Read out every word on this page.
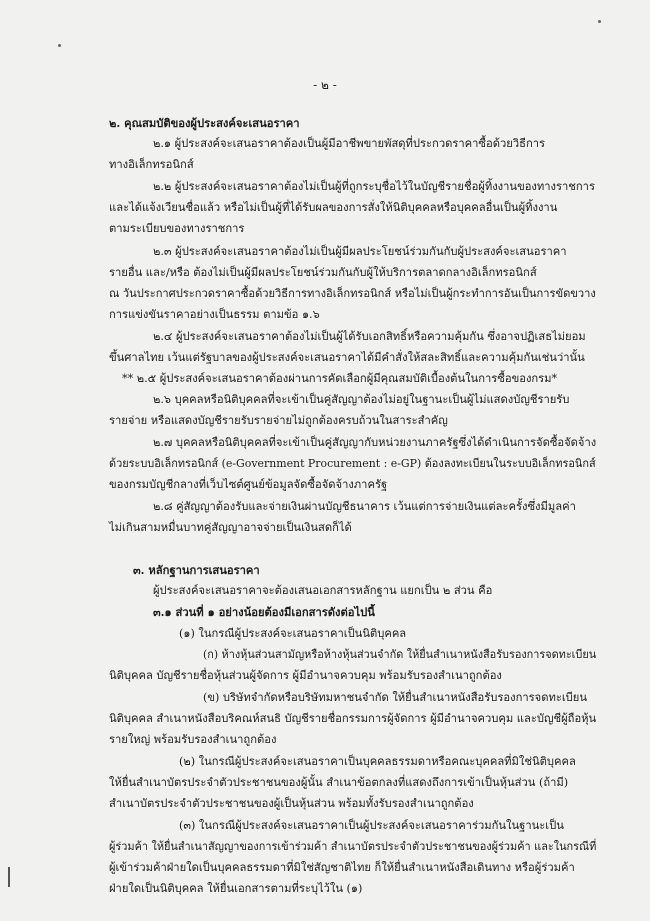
- ๒ -
๒. คุณสมบัติของผู้ประสงค์จะเสนอราคา
๒.๑ ผู้ประสงค์จะเสนอราคาต้องเป็นผู้มีอาชีพขายพัสดุที่ประกวดราคาซื้อด้วยวิธีการ
ทางอิเล็กทรอนิกส์
๒.๒ ผู้ประสงค์จะเสนอราคาต้องไม่เป็นผู้ที่ถูกระบุชื่อไว้ในบัญชีรายชื่อผู้ทิ้งงานของทางราชการ
และได้แจ้งเวียนชื่อแล้ว หรือไม่เป็นผู้ที่ได้รับผลของการสั่งให้นิติบุคคลหรือบุคคลอื่นเป็นผู้ทิ้งงาน
ตามระเบียบของทางราชการ
๒.๓ ผู้ประสงค์จะเสนอราคาต้องไม่เป็นผู้มีผลประโยชน์ร่วมกันกับผู้ประสงค์จะเสนอราคา
รายอื่น และ/หรือ ต้องไม่เป็นผู้มีผลประโยชน์ร่วมกันกับผู้ให้บริการตลาดกลางอิเล็กทรอนิกส์
ณ วันประกาศประกวดราคาซื้อด้วยวิธีการทางอิเล็กทรอนิกส์ หรือไม่เป็นผู้กระทำการอันเป็นการขัดขวาง
การแข่งขันราคาอย่างเป็นธรรม ตามข้อ ๑.๖
๒.๔ ผู้ประสงค์จะเสนอราคาต้องไม่เป็นผู้ได้รับเอกสิทธิ์หรือความคุ้มกัน ซึ่งอาจปฏิเสธไม่ยอม
ขึ้นศาลไทย เว้นแต่รัฐบาลของผู้ประสงค์จะเสนอราคาได้มีคำสั่งให้สละสิทธิ์และความคุ้มกันเช่นว่านั้น
** ๒.๕ ผู้ประสงค์จะเสนอราคาต้องผ่านการคัดเลือกผู้มีคุณสมบัติเบื้องต้นในการซื้อของกรม*
๒.๖ บุคคลหรือนิติบุคคลที่จะเข้าเป็นคู่สัญญาต้องไม่อยู่ในฐานะเป็นผู้ไม่แสดงบัญชีรายรับ
รายจ่าย หรือแสดงบัญชีรายรับรายจ่ายไม่ถูกต้องครบถ้วนในสาระสำคัญ
๒.๗ บุคคลหรือนิติบุคคลที่จะเข้าเป็นคู่สัญญากับหน่วยงานภาครัฐซึ่งได้ดำเนินการจัดซื้อจัดจ้าง
ด้วยระบบอิเล็กทรอนิกส์ (e-Government Procurement : e-GP) ต้องลงทะเบียนในระบบอิเล็กทรอนิกส์
ของกรมบัญชีกลางที่เว็บไซต์ศูนย์ข้อมูลจัดซื้อจัดจ้างภาครัฐ
๒.๘ คู่สัญญาต้องรับและจ่ายเงินผ่านบัญชีธนาคาร เว้นแต่การจ่ายเงินแต่ละครั้งซึ่งมีมูลค่า
ไม่เกินสามหมื่นบาทคู่สัญญาอาจจ่ายเป็นเงินสดก็ได้
๓. หลักฐานการเสนอราคา
ผู้ประสงค์จะเสนอราคาจะต้องเสนอเอกสารหลักฐาน แยกเป็น ๒ ส่วน คือ
๓.๑ ส่วนที่ ๑ อย่างน้อยต้องมีเอกสารดังต่อไปนี้
(๑) ในกรณีผู้ประสงค์จะเสนอราคาเป็นนิติบุคคล
(ก) ห้างหุ้นส่วนสามัญหรือห้างหุ้นส่วนจำกัด ให้ยื่นสำเนาหนังสือรับรองการจดทะเบียน
นิติบุคคล บัญชีรายชื่อหุ้นส่วนผู้จัดการ ผู้มีอำนาจควบคุม พร้อมรับรองสำเนาถูกต้อง
(ข) บริษัทจำกัดหรือบริษัทมหาชนจำกัด ให้ยื่นสำเนาหนังสือรับรองการจดทะเบียน
นิติบุคคล สำเนาหนังสือบริคณห์สนธิ บัญชีรายชื่อกรรมการผู้จัดการ ผู้มีอำนาจควบคุม และบัญชีผู้ถือหุ้น
รายใหญ่ พร้อมรับรองสำเนาถูกต้อง
(๒) ในกรณีผู้ประสงค์จะเสนอราคาเป็นบุคคลธรรมดาหรือคณะบุคคลที่มิใช่นิติบุคคล
ให้ยื่นสำเนาบัตรประจำตัวประชาชนของผู้นั้น สำเนาข้อตกลงที่แสดงถึงการเข้าเป็นหุ้นส่วน (ถ้ามี)
สำเนาบัตรประจำตัวประชาชนของผู้เป็นหุ้นส่วน พร้อมทั้งรับรองสำเนาถูกต้อง
(๓) ในกรณีผู้ประสงค์จะเสนอราคาเป็นผู้ประสงค์จะเสนอราคาร่วมกันในฐานะเป็น
ผู้ร่วมค้า ให้ยื่นสำเนาสัญญาของการเข้าร่วมค้า สำเนาบัตรประจำตัวประชาชนของผู้ร่วมค้า และในกรณีที่
ผู้เข้าร่วมค้าฝ่ายใดเป็นบุคคลธรรมดาที่มิใช่สัญชาติไทย ก็ให้ยื่นสำเนาหนังสือเดินทาง หรือผู้ร่วมค้า
ฝ่ายใดเป็นนิติบุคคล ให้ยื่นเอกสารตามที่ระบุไว้ใน (๑)
